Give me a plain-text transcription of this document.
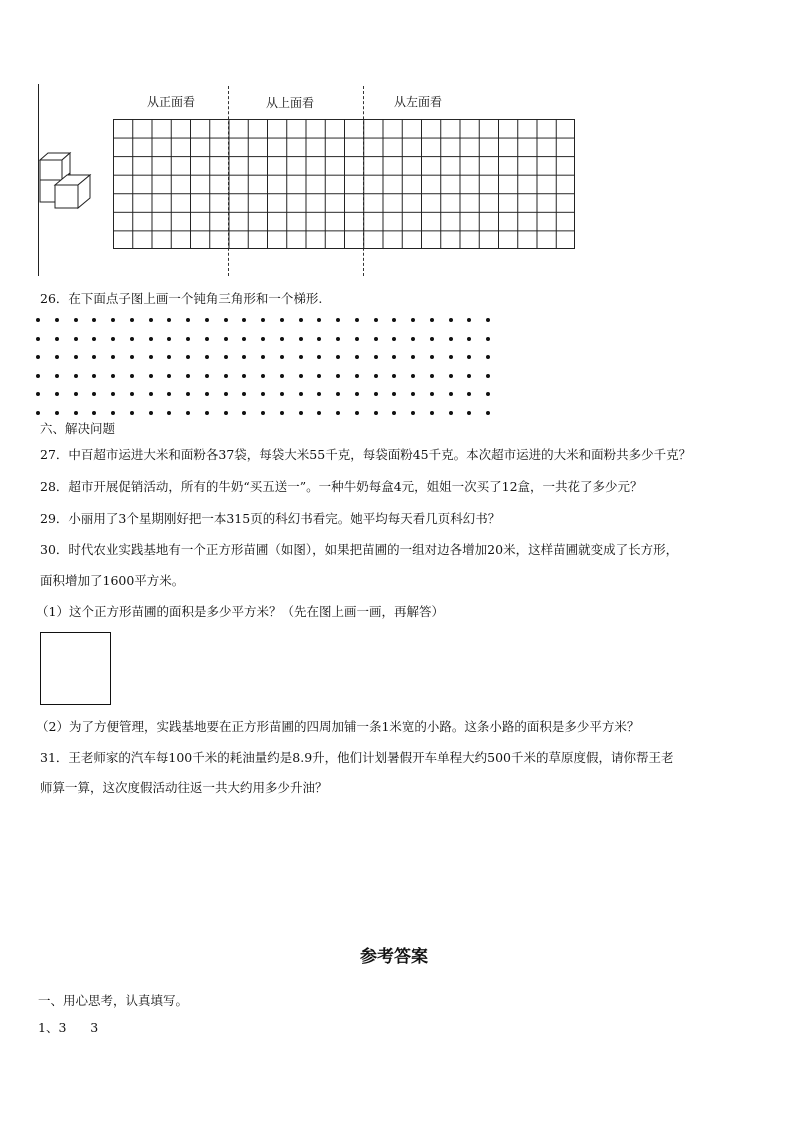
从正面看	从上面看	从左面看
26．在下面点子图上画一个钝角三角形和一个梯形.
六、解决问题
27．中百超市运进大米和面粉各37袋，每袋大米55千克，每袋面粉45千克。本次超市运进的大米和面粉共多少千克？
28．超市开展促销活动，所有的牛奶“买五送一”。一种牛奶每盒4元，姐姐一次买了12盒，一共花了多少元？
29．小丽用了3个星期刚好把一本315页的科幻书看完。她平均每天看几页科幻书？
30．时代农业实践基地有一个正方形苗圃（如图），如果把苗圃的一组对边各增加20米，这样苗圃就变成了长方形，
面积增加了1600平方米。
（1）这个正方形苗圃的面积是多少平方米？（先在图上画一画，再解答）
（2）为了方便管理，实践基地要在正方形苗圃的四周加铺一条1米宽的小路。这条小路的面积是多少平方米？
31．王老师家的汽车每100千米的耗油量约是8.9升，他们计划暑假开车单程大约500千米的草原度假，请你帮王老
师算一算，这次度假活动往返一共大约用多少升油？
参考答案
一、用心思考，认真填写。
1、3      3
